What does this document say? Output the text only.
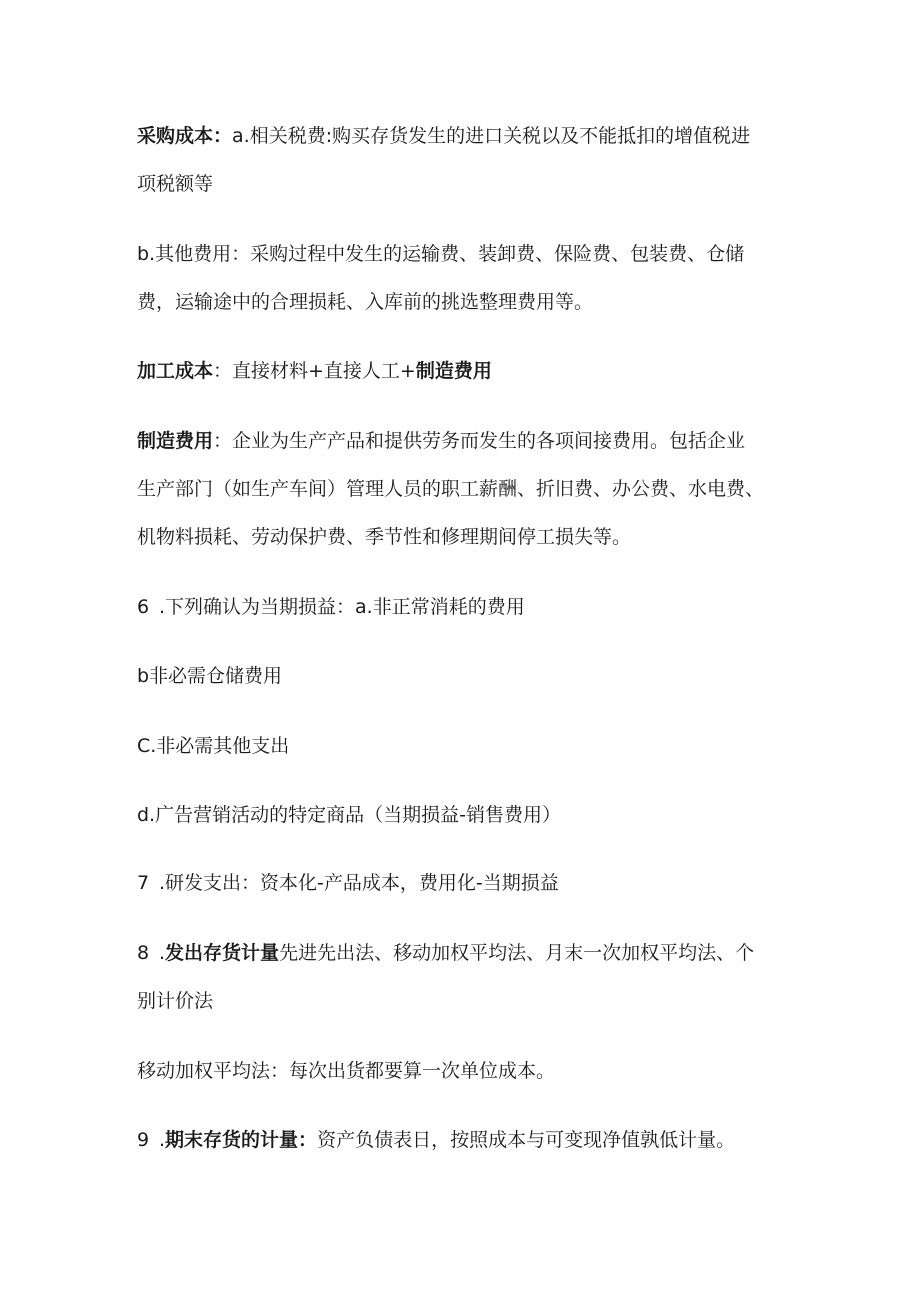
采购成本：a.相关税费:购买存货发生的进口关税以及不能抵扣的增值税进
项税额等

b.其他费用：采购过程中发生的运输费、装卸费、保险费、包装费、仓储
费，运输途中的合理损耗、入库前的挑选整理费用等。

加工成本：直接材料+直接人工+制造费用

制造费用：企业为生产产品和提供劳务而发生的各项间接费用。包括企业
生产部门（如生产车间）管理人员的职工薪酬、折旧费、办公费、水电费、
机物料损耗、劳动保护费、季节性和修理期间停工损失等。

6 .下列确认为当期损益：a.非正常消耗的费用

b非必需仓储费用

C.非必需其他支出

d.广告营销活动的特定商品（当期损益-销售费用）

7 .研发支出：资本化-产品成本，费用化-当期损益

8 .发出存货计量先进先出法、移动加权平均法、月末一次加权平均法、个
别计价法

移动加权平均法：每次出货都要算一次单位成本。

9 .期末存货的计量：资产负债表日，按照成本与可变现净值孰低计量。
